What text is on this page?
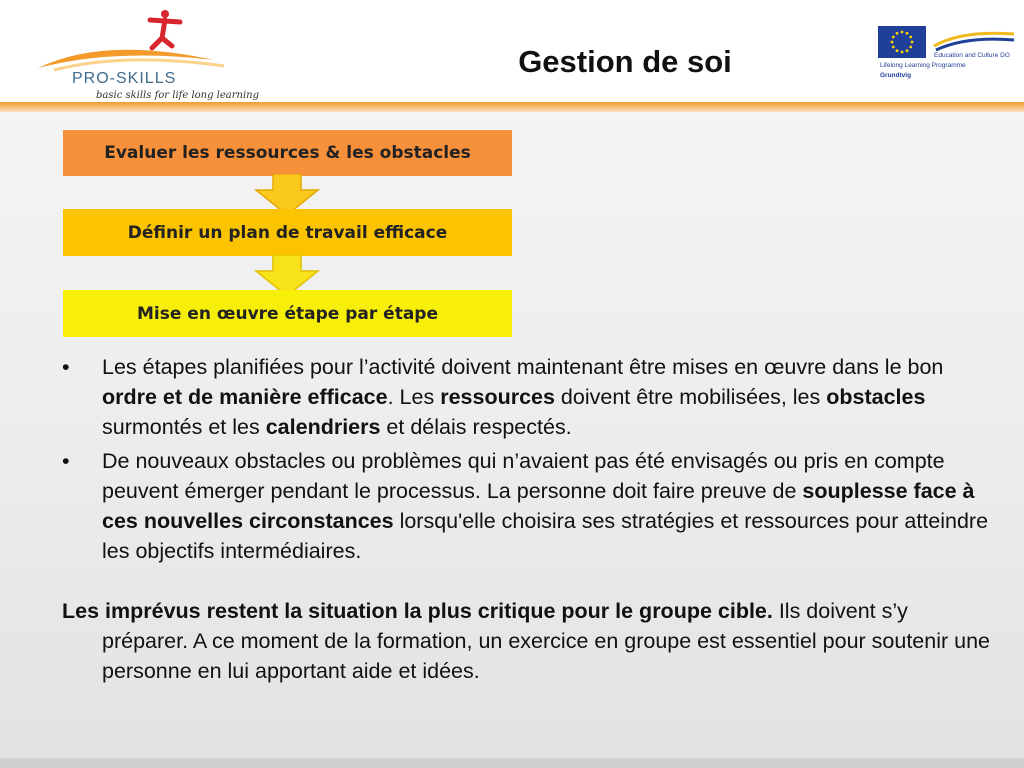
PRO-SKILLS
basic skills for life long learning
Gestion de soi	Education and Culture DG
Lifelong Learning Programme
Grundtvig
Evaluer les ressources & les obstacles
Définir un plan de travail efficace
Mise en œuvre étape par étape

• Les étapes planifiées pour l’activité doivent maintenant être mises en œuvre dans le bon ordre et de manière efficace. Les ressources doivent être mobilisées, les obstacles surmontés et les calendriers et délais respectés.

• De nouveaux obstacles ou problèmes qui n’avaient pas été envisagés ou pris en compte peuvent émerger pendant le processus. La personne doit faire preuve de souplesse face à ces nouvelles circonstances lorsqu'elle choisira ses stratégies et ressources pour atteindre les objectifs intermédiaires.

Les imprévus restent la situation la plus critique pour le groupe cible. Ils doivent s’y préparer. A ce moment de la formation, un exercice en groupe est essentiel pour soutenir une personne en lui apportant aide et idées.
